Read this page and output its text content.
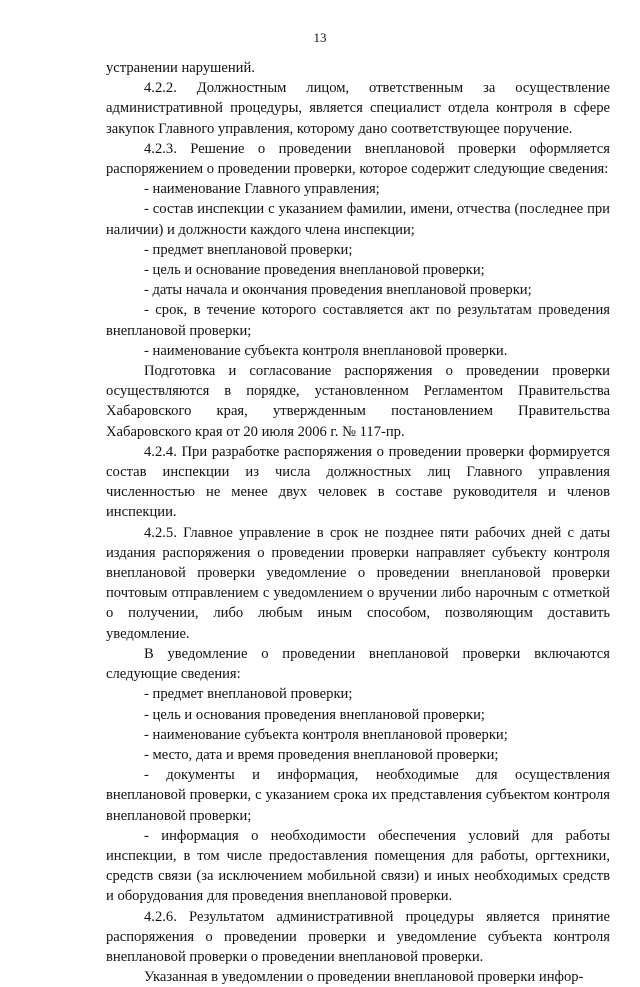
13

устранении нарушений.

4.2.2. Должностным лицом, ответственным за осуществление административной процедуры, является специалист отдела контроля в сфере закупок Главного управления, которому дано соответствующее поручение.

4.2.3. Решение о проведении внеплановой проверки оформляется распоряжением о проведении проверки, которое содержит следующие сведения:

- наименование Главного управления;

- состав инспекции с указанием фамилии, имени, отчества (последнее при наличии) и должности каждого члена инспекции;

- предмет внеплановой проверки;

- цель и основание проведения внеплановой проверки;

- даты начала и окончания проведения внеплановой проверки;

- срок, в течение которого составляется акт по результатам проведения внеплановой проверки;

- наименование субъекта контроля внеплановой проверки.

Подготовка и согласование распоряжения о проведении проверки осуществляются в порядке, установленном Регламентом Правительства Хабаровского края, утвержденным постановлением Правительства Хабаровского края от 20 июля 2006 г. № 117-пр.

4.2.4. При разработке распоряжения о проведении проверки формируется состав инспекции из числа должностных лиц Главного управления численностью не менее двух человек в составе руководителя и членов инспекции.

4.2.5. Главное управление в срок не позднее пяти рабочих дней с даты издания распоряжения о проведении проверки направляет субъекту контроля внеплановой проверки уведомление о проведении внеплановой проверки почтовым отправлением с уведомлением о вручении либо нарочным с отметкой о получении, либо любым иным способом, позволяющим доставить уведомление.

В уведомление о проведении внеплановой проверки включаются следующие сведения:

- предмет внеплановой проверки;

- цель и основания проведения внеплановой проверки;

- наименование субъекта контроля внеплановой проверки;

- место, дата и время проведения внеплановой проверки;

- документы и информация, необходимые для осуществления внеплановой проверки, с указанием срока их представления субъектом контроля внеплановой проверки;

- информация о необходимости обеспечения условий для работы инспекции, в том числе предоставления помещения для работы, оргтехники, средств связи (за исключением мобильной связи) и иных необходимых средств и оборудования для проведения внеплановой проверки.

4.2.6. Результатом административной процедуры является принятие распоряжения о проведении проверки и уведомление субъекта контроля внеплановой проверки о проведении внеплановой проверки.

Указанная в уведомлении о проведении внеплановой проверки инфор-
